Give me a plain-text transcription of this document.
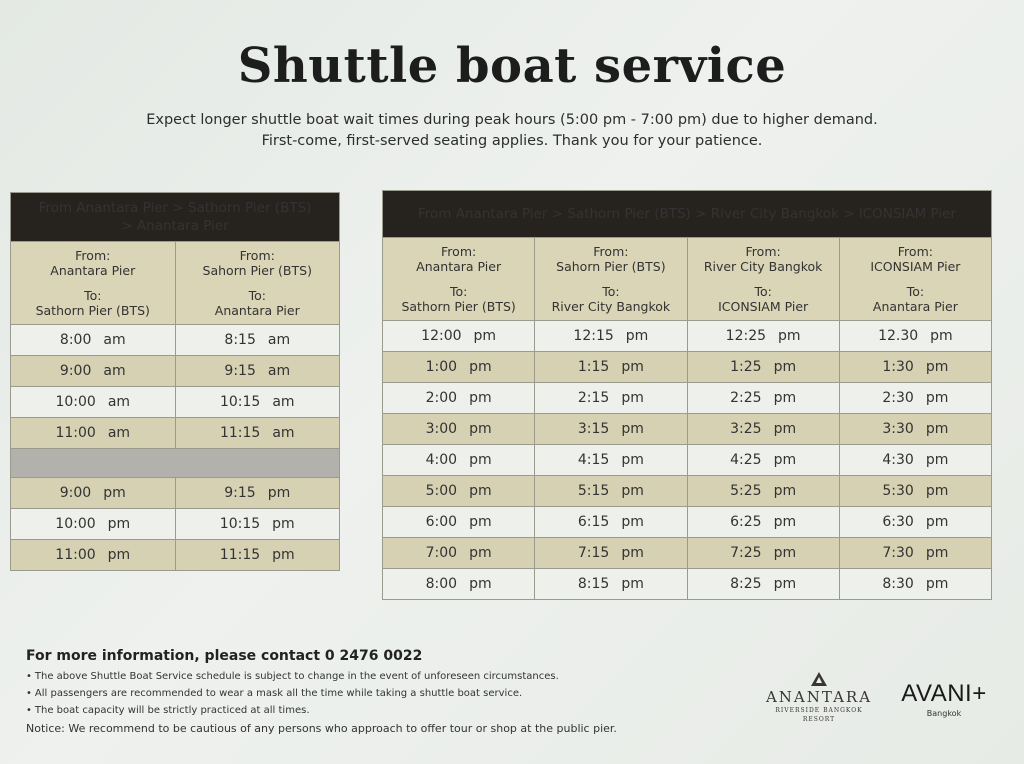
Shuttle boat service
Expect longer shuttle boat wait times during peak hours (5:00 pm - 7:00 pm) due to higher demand.
First-come, first-served seating applies. Thank you for your patience.
From Anantara Pier > Sathorn Pier (BTS)
> Anantara Pier	

From:
Anantara Pier
To:
Sathorn Pier (BTS)	From:
Sahorn Pier (BTS)
To:
Anantara Pier

8:00 am	8:15 am
9:00 am	9:15 am
10:00 am	10:15 am
11:00 am	11:15 am

9:00 pm	9:15 pm
10:00 pm	10:15 pm
11:00 pm	11:15 pm
From Anantara Pier > Sathorn Pier (BTS) > River City Bangkok > ICONSIAM Pier			

From:
Anantara Pier
To:
Sathorn Pier (BTS)	From:
Sahorn Pier (BTS)
To:
River City Bangkok	From:
River City Bangkok
To:
ICONSIAM Pier	From:
ICONSIAM Pier
To:
Anantara Pier

12:00 pm	12:15 pm	12:25 pm	12.30 pm
1:00 pm	1:15 pm	1:25 pm	1:30 pm
2:00 pm	2:15 pm	2:25 pm	2:30 pm
3:00 pm	3:15 pm	3:25 pm	3:30 pm
4:00 pm	4:15 pm	4:25 pm	4:30 pm
5:00 pm	5:15 pm	5:25 pm	5:30 pm
6:00 pm	6:15 pm	6:25 pm	6:30 pm
7:00 pm	7:15 pm	7:25 pm	7:30 pm
8:00 pm	8:15 pm	8:25 pm	8:30 pm
For more information, please contact 0 2476 0022
• The above Shuttle Boat Service schedule is subject to change in the event of unforeseen circumstances.
• All passengers are recommended to wear a mask all the time while taking a shuttle boat service.
• The boat capacity will be strictly practiced at all times.
Notice: We recommend to be cautious of any persons who approach to offer tour or shop at the public pier.
ANANTARA
RIVERSIDE BANGKOK
RESORT
AVANI+
Bangkok
